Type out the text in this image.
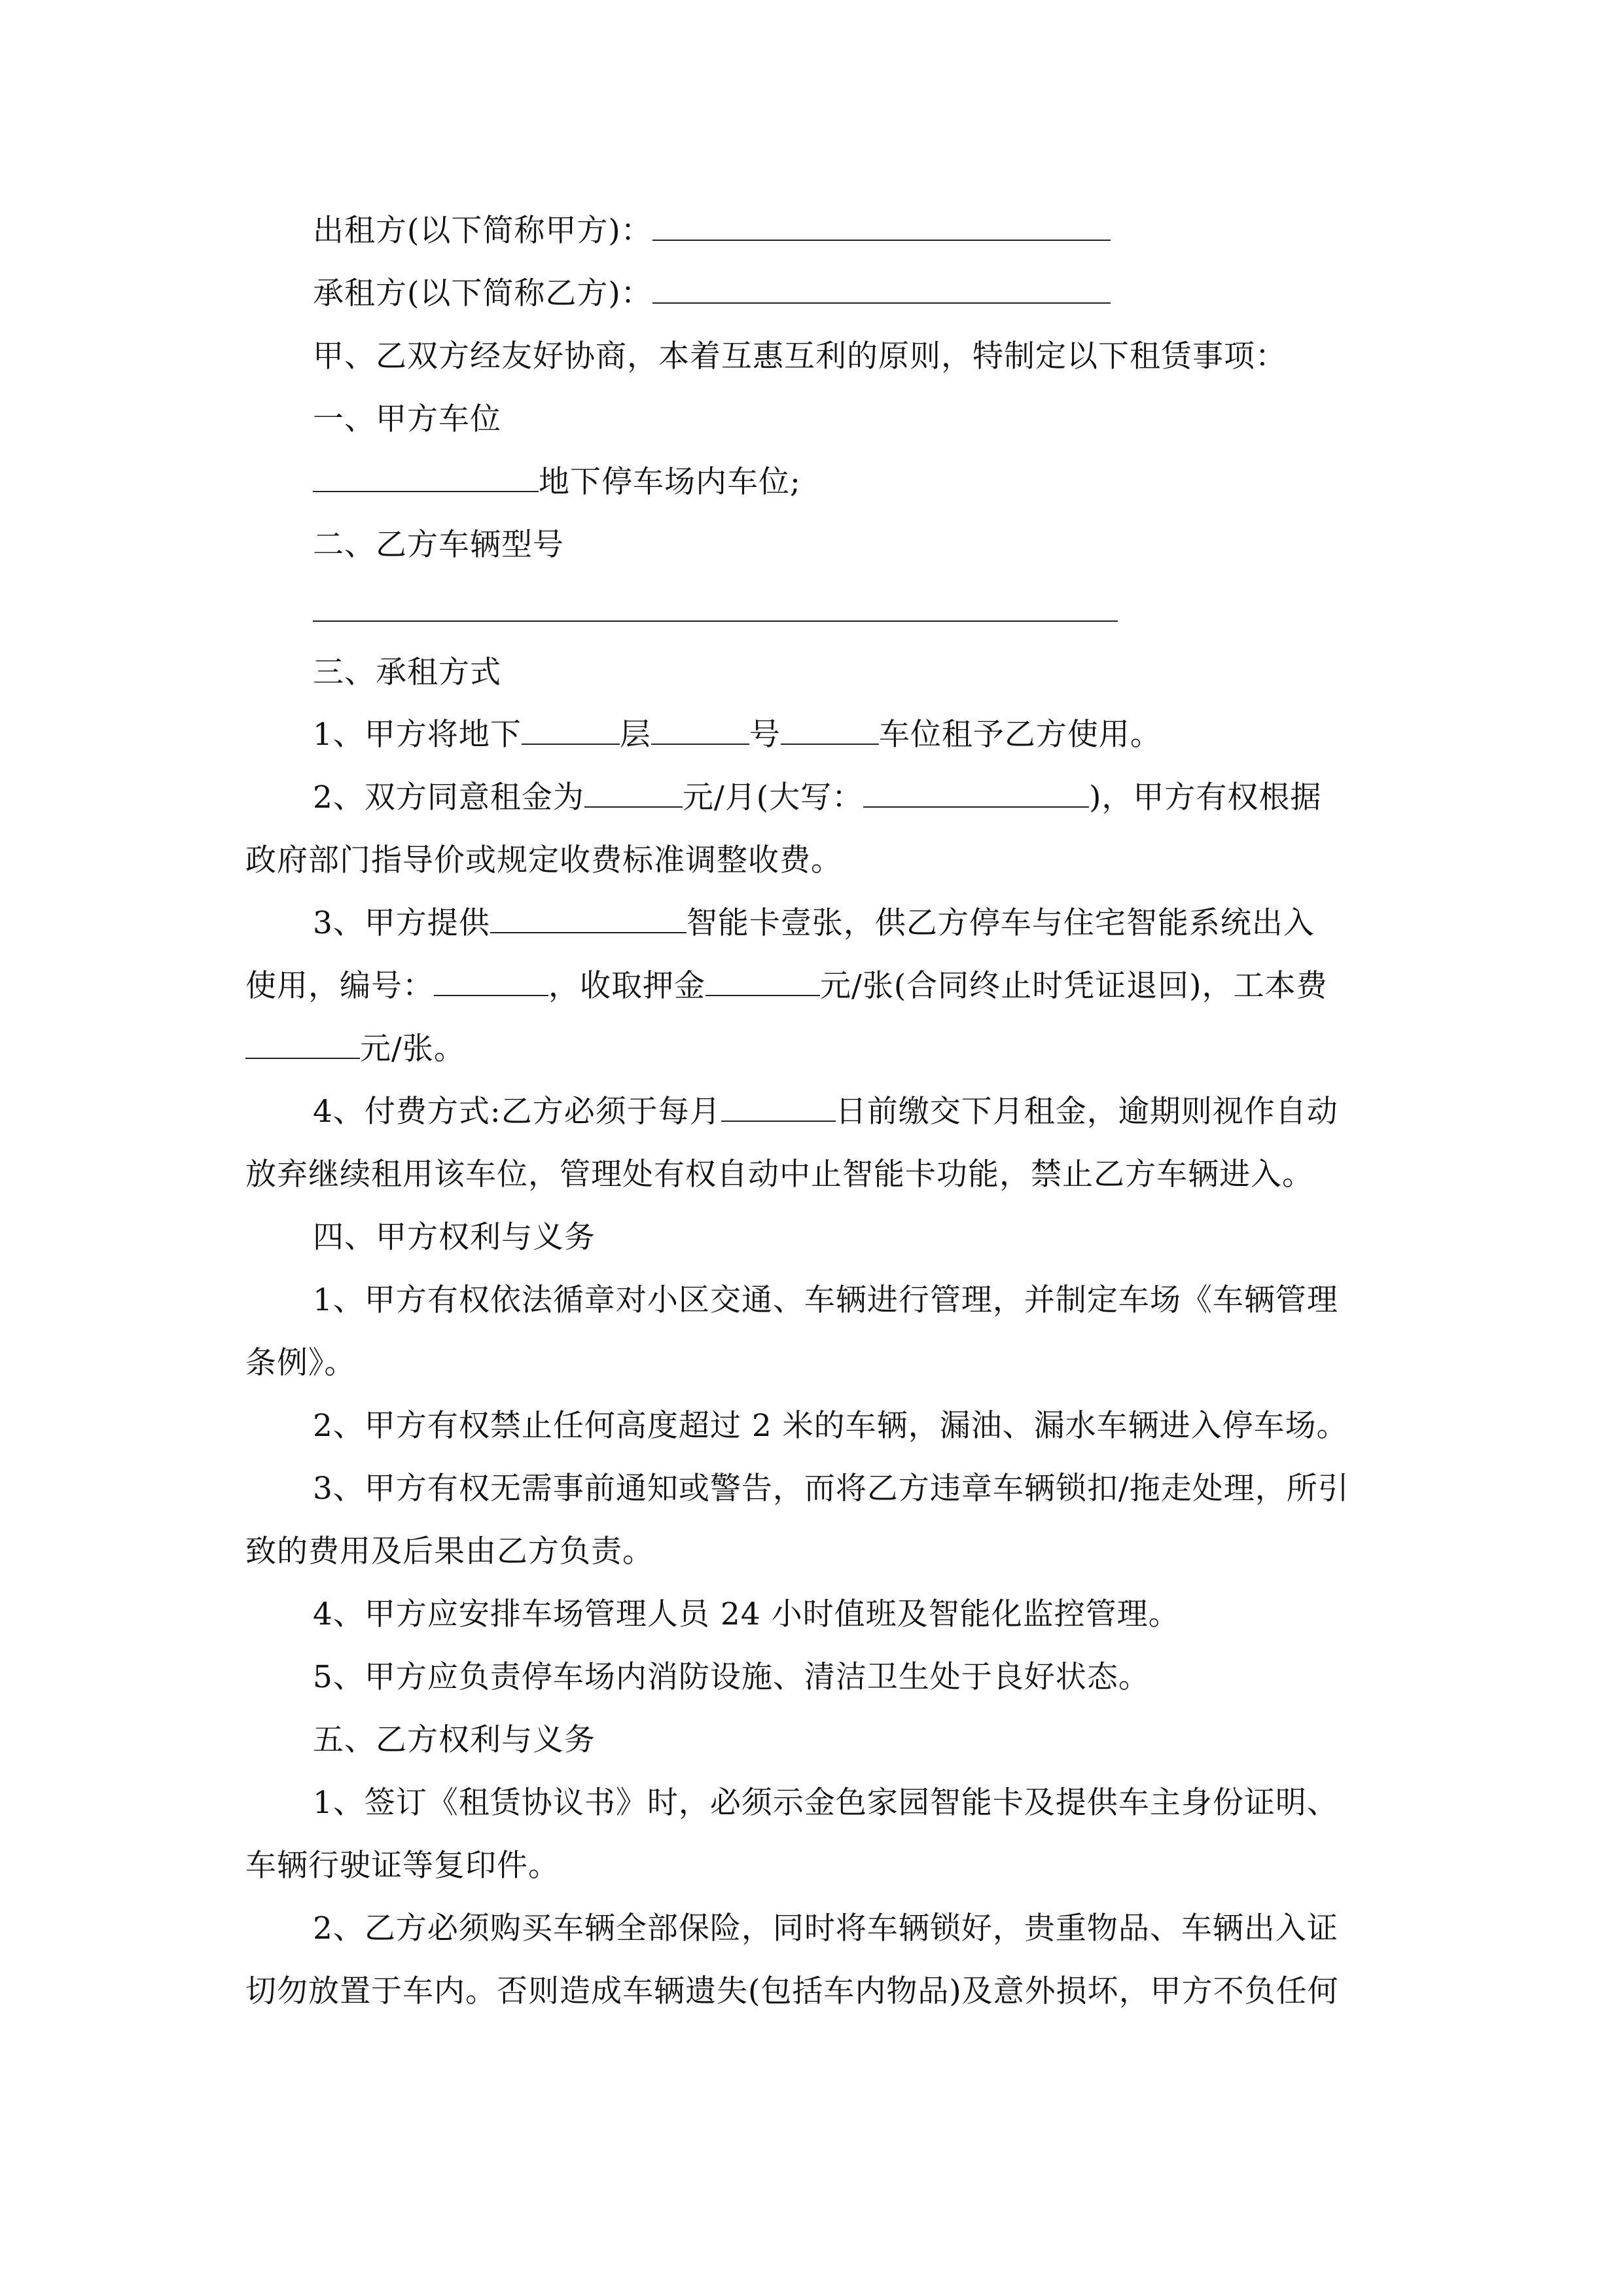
出租方(以下简称甲方)：
承租方(以下简称乙方)：
甲、乙双方经友好协商，本着互惠互利的原则，特制定以下租赁事项：
一、甲方车位
地下停车场内车位;
二、乙方车辆型号
三、承租方式
1、甲方将地下	层	号	车位租予乙方使用。
2、双方同意租金为	元/月(大写：	)，甲方有权根据
政府部门指导价或规定收费标准调整收费。
3、甲方提供	智能卡壹张，供乙方停车与住宅智能系统出入
使用，编号：	，收取押金	元/张(合同终止时凭证退回)，工本费
元/张。
4、付费方式:乙方必须于每月	日前缴交下月租金，逾期则视作自动
放弃继续租用该车位，管理处有权自动中止智能卡功能，禁止乙方车辆进入。
四、甲方权利与义务
1、甲方有权依法循章对小区交通、车辆进行管理，并制定车场《车辆管理
条例》。
2、甲方有权禁止任何高度超过 2 米的车辆，漏油、漏水车辆进入停车场。
3、甲方有权无需事前通知或警告，而将乙方违章车辆锁扣/拖走处理，所引
致的费用及后果由乙方负责。
4、甲方应安排车场管理人员 24 小时值班及智能化监控管理。
5、甲方应负责停车场内消防设施、清洁卫生处于良好状态。
五、乙方权利与义务
1、签订《租赁协议书》时，必须示金色家园智能卡及提供车主身份证明、
车辆行驶证等复印件。
2、乙方必须购买车辆全部保险，同时将车辆锁好，贵重物品、车辆出入证
切勿放置于车内。否则造成车辆遗失(包括车内物品)及意外损坏，甲方不负任何
